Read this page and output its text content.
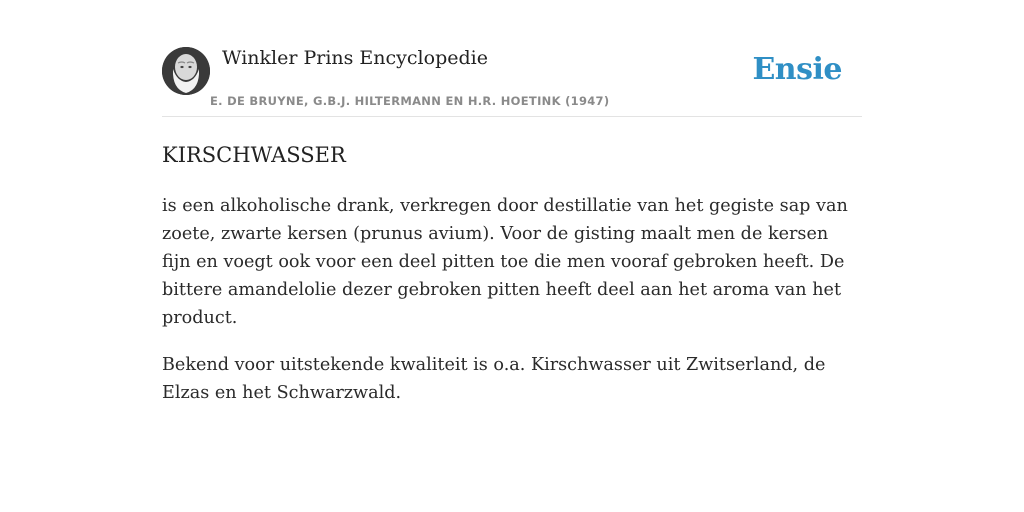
Winkler Prins Encyclopedie
E. DE BRUYNE, G.B.J. HILTERMANN EN H.R. HOETINK (1947)
Ensie
KIRSCHWASSER

is een alkoholische drank, verkregen door destillatie van het gegiste sap van zoete, zwarte kersen (prunus avium). Voor de gisting maalt men de kersen fijn en voegt ook voor een deel pitten toe die men vooraf gebroken heeft. De bittere amandelolie dezer gebroken pitten heeft deel aan het aroma van het product.

Bekend voor uitstekende kwaliteit is o.a. Kirschwasser uit Zwitserland, de Elzas en het Schwarzwald.
